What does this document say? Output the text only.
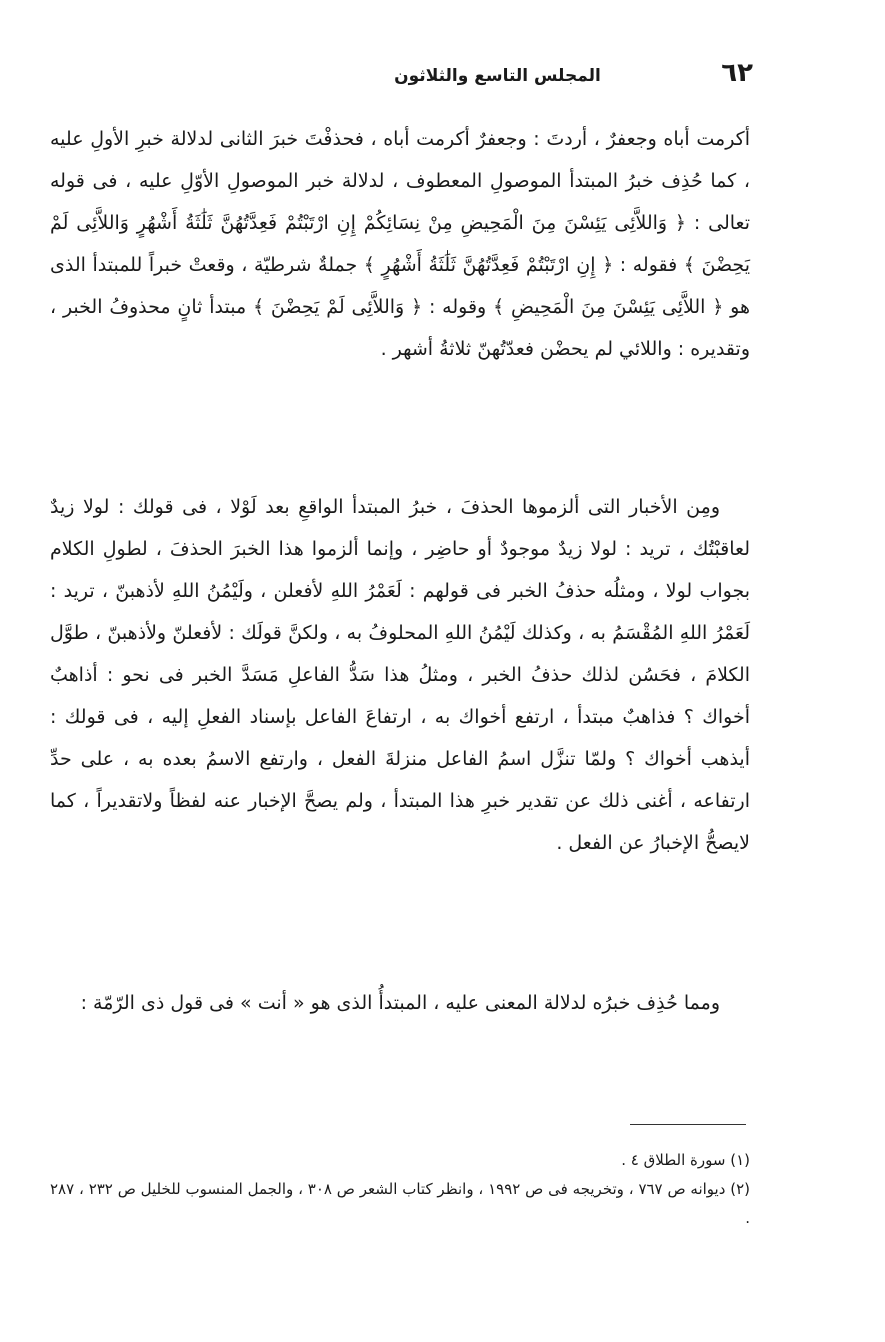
٦٢
المجلس التاسع والثلاثون

أكرمت أباه وجعفرٌ ، أردتَ : وجعفرٌ أكرمت أباه ، فحذفْتَ خبرَ الثانى لدلالة خبرِ الأولِ عليه ، كما حُذِف خبرُ المبتدأ الموصولِ المعطوف ، لدلالة خبر الموصولِ الأوّلِ عليه ، فى قوله تعالى : ﴿ وَاللاَّئِى يَئِسْنَ مِنَ الْمَحِيضِ مِنْ نِسَائِكُمْ إِنِ ارْتَبْتُمْ فَعِدَّتُهُنَّ ثَلَٰثَةُ أَشْهُرٍ وَاللاَّئِى لَمْ يَحِضْنَ ﴾ فقوله : ﴿ إِنِ ارْتَبْتُمْ فَعِدَّتُهُنَّ ثَلَٰثَةُ أَشْهُرٍ ﴾ جملةٌ شرطيّة ، وقعتْ خبراً للمبتدأ الذى هو ﴿ اللاَّئِى يَئِسْنَ مِنَ الْمَحِيضِ ﴾ وقوله : ﴿ وَاللاَّئِى لَمْ يَحِضْنَ ﴾ مبتدأ ثانٍ محذوفُ الخبر ، وتقديره : واللائي لم يحضْن فعدّتُهنّ ثلاثةُ أشهر .

ومِن الأخبار التى ألزموها الحذفَ ، خبرُ المبتدأ الواقعِ بعد لَوْلا ، فى قولك : لولا زيدٌ لعاقبْتُك ، تريد : لولا زيدٌ موجودٌ أو حاضِر ، وإنما ألزموا هذا الخبرَ الحذفَ ، لطولِ الكلام بجواب لولا ، ومثلُه حذفُ الخبر فى قولهم : لَعَمْرُ اللهِ لأفعلن ، ولَيْمُنُ اللهِ لأذهبنّ ، تريد : لَعَمْرُ اللهِ المُقْسَمُ به ، وكذلك لَيْمُنُ اللهِ المحلوفُ به ، ولكنَّ قولَك : لأفعلنّ ولأذهبنّ ، طوَّل الكلامَ ، فحَسُن لذلك حذفُ الخبر ، ومثلُ هذا سَدُّ الفاعلِ مَسَدَّ الخبر فى نحو : أذاهبٌ أخواك ؟ فذاهبٌ مبتدأ ، ارتفع أخواك به ، ارتفاعَ الفاعل بإسناد الفعلِ إليه ، فى قولك : أيذهب أخواك ؟ ولمّا تنزَّل اسمُ الفاعل منزلةَ الفعل ، وارتفع الاسمُ بعده به ، على حدِّ ارتفاعه ، أغنى ذلك عن تقدير خبرِ هذا المبتدأ ، ولم يصحَّ الإخبار عنه لفظاً ولاتقديراً ، كما لايصحُّ الإخبارُ عن الفعل .

ومما حُذِف خبرُه لدلالة المعنى عليه ، المبتدأُ الذى هو « أنت » فى قول ذى الرّمّة :

(١) سورة الطلاق ٤ .

(٢) ديوانه ص ٧٦٧ ، وتخريجه فى ص ١٩٩٢ ، وانظر كتاب الشعر ص ٣٠٨ ، والجمل المنسوب للخليل ص ٢٣٢ ، ٢٨٧ .
